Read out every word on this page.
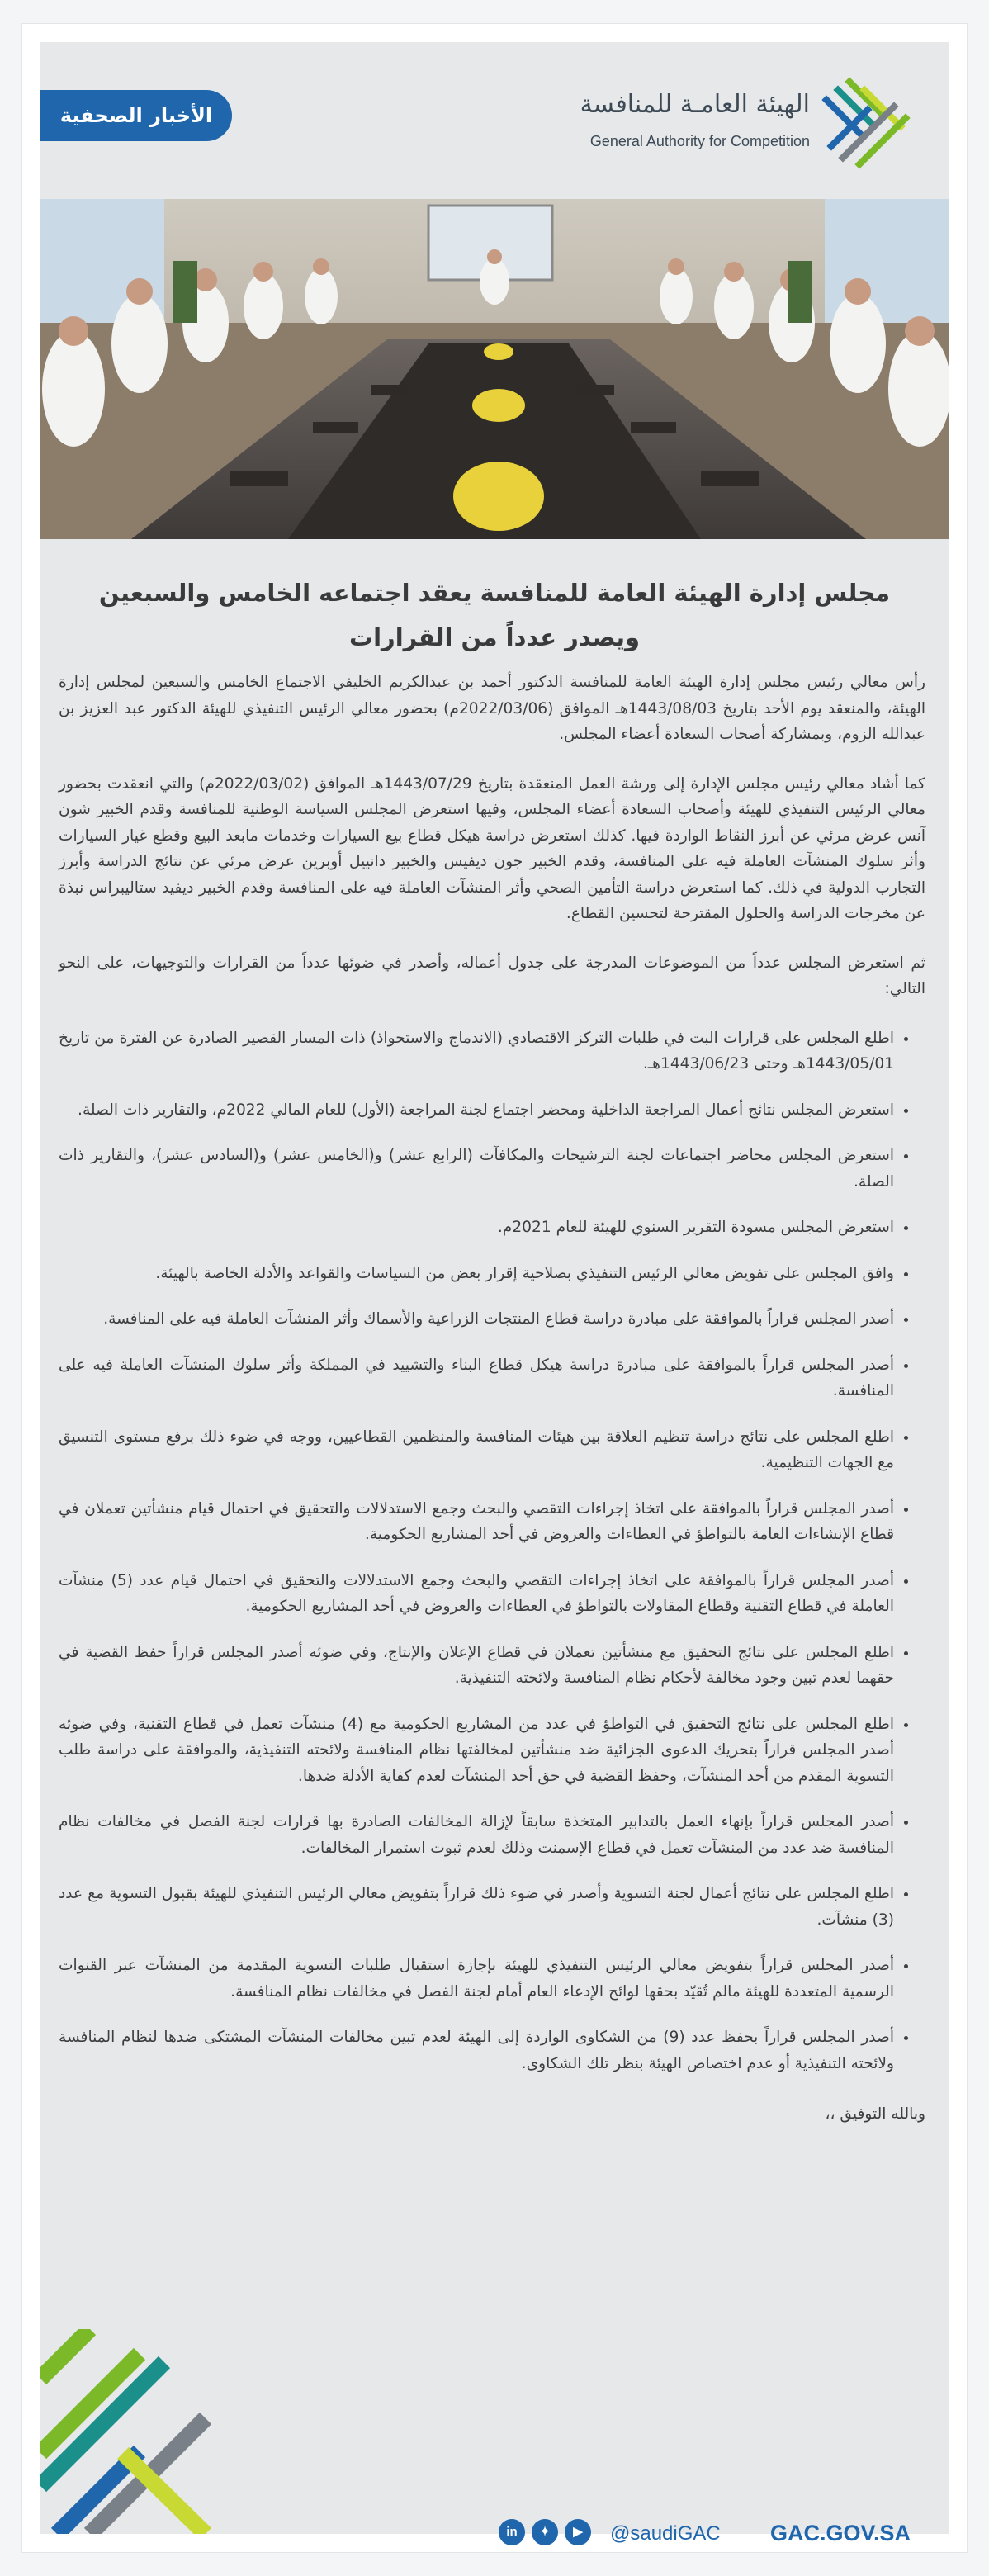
الأخبار الصحفية	الهيئة العامـة للمنافسة
General Authority for Competition
مجلس إدارة الهيئة العامة للمنافسة يعقد اجتماعه الخامس والسبعين
ويصدر عدداً من القرارات

رأس معالي رئيس مجلس إدارة الهيئة العامة للمنافسة الدكتور أحمد بن عبدالكريم الخليفي الاجتماع الخامس والسبعين لمجلس إدارة الهيئة، والمنعقد يوم الأحد بتاريخ 1443/08/03هـ الموافق (2022/03/06م) بحضور معالي الرئيس التنفيذي للهيئة الدكتور عبد العزيز بن عبدالله الزوم، وبمشاركة أصحاب السعادة أعضاء المجلس.

كما أشاد معالي رئيس مجلس الإدارة إلى ورشة العمل المنعقدة بتاريخ 1443/07/29هـ الموافق (2022/03/02م) والتي انعقدت بحضور معالي الرئيس التنفيذي للهيئة وأصحاب السعادة أعضاء المجلس، وفيها استعرض المجلس السياسة الوطنية للمنافسة وقدم الخبير شون آنس عرض مرئي عن أبرز النقاط الواردة فيها. كذلك استعرض دراسة هيكل قطاع بيع السيارات وخدمات مابعد البيع وقطع غيار السيارات وأثر سلوك المنشآت العاملة فيه على المنافسة، وقدم الخبير جون ديفيس والخبير دانييل أوبرين عرض مرئي عن نتائج الدراسة وأبرز التجارب الدولية في ذلك. كما استعرض دراسة التأمين الصحي وأثر المنشآت العاملة فيه على المنافسة وقدم الخبير ديفيد ستاليبراس نبذة عن مخرجات الدراسة والحلول المقترحة لتحسين القطاع.

ثم استعرض المجلس عدداً من الموضوعات المدرجة على جدول أعماله، وأصدر في ضوئها عدداً من القرارات والتوجيهات، على النحو التالي:

• اطلع المجلس على قرارات البت في طلبات التركز الاقتصادي (الاندماج والاستحواذ) ذات المسار القصير الصادرة عن الفترة من تاريخ 1443/05/01هـ وحتى 1443/06/23هـ.
• استعرض المجلس نتائج أعمال المراجعة الداخلية ومحضر اجتماع لجنة المراجعة (الأول) للعام المالي 2022م، والتقارير ذات الصلة.
• استعرض المجلس محاضر اجتماعات لجنة الترشيحات والمكافآت (الرابع عشر) و(الخامس عشر) و(السادس عشر)، والتقارير ذات الصلة.
• استعرض المجلس مسودة التقرير السنوي للهيئة للعام 2021م.
• وافق المجلس على تفويض معالي الرئيس التنفيذي بصلاحية إقرار بعض من السياسات والقواعد والأدلة الخاصة بالهيئة.
• أصدر المجلس قراراً بالموافقة على مبادرة دراسة قطاع المنتجات الزراعية والأسماك وأثر المنشآت العاملة فيه على المنافسة.
• أصدر المجلس قراراً بالموافقة على مبادرة دراسة هيكل قطاع البناء والتشييد في المملكة وأثر سلوك المنشآت العاملة فيه على المنافسة.
• اطلع المجلس على نتائج دراسة تنظيم العلاقة بين هيئات المنافسة والمنظمين القطاعيين، ووجه في ضوء ذلك برفع مستوى التنسيق مع الجهات التنظيمية.
• أصدر المجلس قراراً بالموافقة على اتخاذ إجراءات التقصي والبحث وجمع الاستدلالات والتحقيق في احتمال قيام منشأتين تعملان في قطاع الإنشاءات العامة بالتواطؤ في العطاءات والعروض في أحد المشاريع الحكومية.
• أصدر المجلس قراراً بالموافقة على اتخاذ إجراءات التقصي والبحث وجمع الاستدلالات والتحقيق في احتمال قيام عدد (5) منشآت العاملة في قطاع التقنية وقطاع المقاولات بالتواطؤ في العطاءات والعروض في أحد المشاريع الحكومية.
• اطلع المجلس على نتائج التحقيق مع منشأتين تعملان في قطاع الإعلان والإنتاج، وفي ضوئه أصدر المجلس قراراً حفظ القضية في حقهما لعدم تبين وجود مخالفة لأحكام نظام المنافسة ولائحته التنفيذية.
• اطلع المجلس على نتائج التحقيق في التواطؤ في عدد من المشاريع الحكومية مع (4) منشآت تعمل في قطاع التقنية، وفي ضوئه أصدر المجلس قراراً بتحريك الدعوى الجزائية ضد منشأتين لمخالفتها نظام المنافسة ولائحته التنفيذية، والموافقة على دراسة طلب التسوية المقدم من أحد المنشآت، وحفظ القضية في حق أحد المنشآت لعدم كفاية الأدلة ضدها.
• أصدر المجلس قراراً بإنهاء العمل بالتدابير المتخذة سابقاً لإزالة المخالفات الصادرة بها قرارات لجنة الفصل في مخالفات نظام المنافسة ضد عدد من المنشآت تعمل في قطاع الإسمنت وذلك لعدم ثبوت استمرار المخالفات.
• اطلع المجلس على نتائج أعمال لجنة التسوية وأصدر في ضوء ذلك قراراً بتفويض معالي الرئيس التنفيذي للهيئة بقبول التسوية مع عدد (3) منشآت.
• أصدر المجلس قراراً بتفويض معالي الرئيس التنفيذي للهيئة بإجازة استقبال طلبات التسوية المقدمة من المنشآت عبر القنوات الرسمية المتعددة للهيئة مالم تُقيّد بحقها لوائح الإدعاء العام أمام لجنة الفصل في مخالفات نظام المنافسة.
• أصدر المجلس قراراً بحفظ عدد (9) من الشكاوى الواردة إلى الهيئة لعدم تبين مخالفات المنشآت المشتكى ضدها لنظام المنافسة ولائحته التنفيذية أو عدم اختصاص الهيئة بنظر تلك الشكاوى.

وبالله التوفيق ،،

in	✦	▶	@saudiGAC GAC.GOV.SA
